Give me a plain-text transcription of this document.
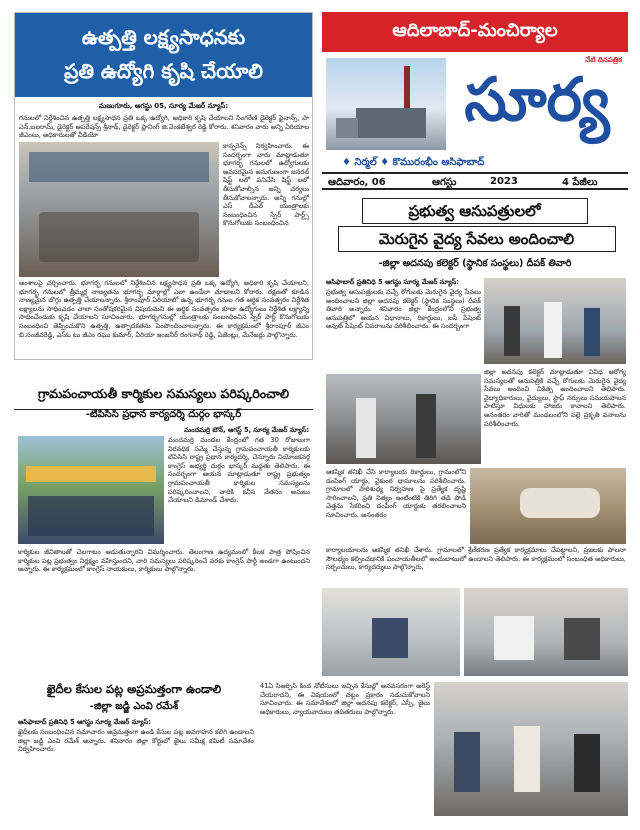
ఉత్పత్తి లక్ష్యసాధనకు
ప్రతి ఉద్యోగి కృషి చేయాలి
మణుగూరు, ఆగస్టు 05, సూర్య మేజర్ న్యూస్:
గనులలో నిర్దేశించిన ఉత్పత్తి లక్ష్యసాధన ప్రతి ఒక్క ఉద్యోగి, అధికారి కృషి చేయాలని సింగరేణి డైరెక్టర్ ఫైనాన్స్, పా ఎన్.బలరామ్, డైరెక్టర్ ఆపరేషన్స్ శ్రీనాథ్, డైరెక్టర్ ప్లానింగ్ జి.వెంకటేశ్వర రెడ్డి కోరారు. శనివారం వారు అన్ని ఏరియాల జీఎంలు, అధికారులతో వీడియో
కాన్ఫరెన్స్ నిర్వహించారు. ఈ సందర్భంగా వారు మాట్లాడుతూ భూగర్భ గనులలో ఉద్యోగులకు అవసరమైన అనుగుణంగా జనరల్ షిఫ్ట్ లలో పనిచేసి షిఫ్ట్ లలో తీసుకోవాల్సిన అన్ని చర్యలు తీసుకోవాలన్నారు. అన్ని గనుల్లో ఎస్ డీఎల్ యంత్రాలకు సంబంధించిన స్పేర్ పార్ట్స్ కొనుగోలుకు సంబంధించిన
అంశాలపై చర్చించారు. భూగర్భ గనులలో నిర్దేశించిన లక్ష్యసాధన ప్రతి ఒక్క ఉద్యోగి, అధికారి కృషి చేయాలని, భూగర్భ గనులలో త్రీమ్మర్ల నాణ్యతను భూగర్భ మార్గాల్లో ఎలా ఉండేలా చూడాలని కోరారు. రక్షణతో కూడిన నాణ్యమైన బొగ్గు ఉత్పత్తి చేయాలన్నారు. శ్రీరాంపూర్ ఏరియాలో ఉన్న భూగర్భ గనుల గత ఆర్థిక సంవత్సరం నిర్దేశిత లక్ష్యాలను సాధించడం చాలా సంతోషకరమైన విషయమని ఈ ఆర్థిక సంవత్సరం కూడా ఉద్యోగులు నిర్దేశిత లక్ష్యాన్ని సాధించేందుకు కృషి చేయాలని సూచించారు. భూగర్భగనుల్లో యంత్రాలకు సంబంధించిన స్పేర్ పార్ట్ కొనుగోలుకు సంబంధించి తెప్పించుకొని ఉత్పత్తి, ఉత్పాదకతను పెంపొందించాలన్నారు. ఈ కార్యక్రమంలో శ్రీరాంపూర్ జీఎం బి.సంజీవరెడ్డి, ఎస్ఓ టు జీఎం రఘు కుమార్, ఏరియా ఇంజనీర్ రంగనాథ్ రెడ్డి, ఏజెంట్లు, మేనేజర్లు పాల్గొన్నారు.
ఆదిలాబాద్-మంచిర్యాల
సూర్య
నేటి దినపత్రిక
♦ నిర్మల్ ♦ కొమురంభీం ఆసిఫాబాద్
ఆదివారం, 06	ఆగస్టు	2023	4 పేజీలు
ప్రభుత్వ ఆసుపత్రులలో
మెరుగైన వైద్య సేవలు అందించాలి
-జిల్లా అదనపు కలెక్టర్ (స్థానిక సంస్థలు) దీపక్ తివారి
ఆసిఫాబాద్ ప్రతినిధి 5 ఆగస్టు సూర్య మేజర్ న్యూస్:
ప్రభుత్వ ఆసుపత్రులకు వచ్చే రోగులకు మెరుగైన వైద్య సేవలు అందించాలని జిల్లా అదనపు కలెక్టర్ (స్థానిక సంస్థలు) దీపక్ తివారి అన్నారు. శనివారం జిల్లా కేంద్రంలోని ప్రభుత్వ ఆసుపత్రిలో ఆయన విధానాలు, రికార్డులు, ఐసీ పేషెంట్ అవుట్ పేషెంట్ వివరాలను పరిశీలించారు. ఈ సందర్భంగా
జిల్లా అదనపు కలెక్టర్ మాట్లాడుతూ వివిధ ఆరోగ్య సమస్యలతో ఆసుపత్రికి వచ్చే రోగులకు మెరుగైన వైద్య సేవలు అందించి చికిత్స అందించాలని తెలిపారు. వైద్యాధికారులు, వైద్యులు, స్టాఫ్ నర్సులు సమయపాలన పాటిస్తూ విధులకు హాజరు కావాలని తెలిపారు. అనంతరం వారితో మండలంలోని పల్లె ప్రకృతి వనాలను పరిశీలించారు.
ఆకస్మిక తనిఖీ చేసి కార్యాలయ రికార్డులు, గ్రామంలోని డంపింగ్ యార్డు, వైకుంఠ ధామాలను పరిశీలించారు. గ్రామాలలో పారిశుధ్య నిర్వహణ పై ప్రత్యేక దృష్టి సారించాలని, ప్రతి నిత్యం ఇంటింటికి తిరిగి తడి పొడి చెత్తను సేకరించి డంపింగ్ యార్డుకు తరలించాలని సూచించారు. అనంతరం
కార్యాలయాలను ఆకస్మిక తనిఖీ చేశారు. గ్రామాలలో శ్రేణీకరణ ప్రత్యేక కార్యక్రమాలు చేపట్టాలని, ప్రజలకు పాలనా సౌలభ్యం కల్పించడానికి పంచాయతీలలో అందుబాటులో ఉండాలని తెలిపారు. ఈ కార్యక్రమంలో సంబంధిత అధికారులు, సర్పంచులు, కార్యదర్శులు పాల్గొన్నారు.
గ్రామపంచాయతీ కార్మికుల సమస్యలు పరిష్కరించాలి
-టిపిసిసి ప్రధాన కార్యదర్శి దుర్గం భాస్కర్
మందమర్రి టౌన్, ఆగస్ట్ 5, సూర్య మేజర్ న్యూస్:
మందమర్రి మండల కేంద్రంలో గత 30 రోజులుగా నిరవధిక సమ్మె చేస్తున్న గ్రామపంచాయతీ కార్మికులకు టిపిసిసి రాష్ట్ర ప్రధాన కార్యదర్శి, చెన్నూరు నియోజకవర్గ కాంగ్రెస్ అభ్యర్థి దుర్గం భాస్కర్ మద్దతు తెలిపారు. ఈ సందర్భంగా ఆయన మాట్లాడుతూ రాష్ట్ర ప్రభుత్వం గ్రామపంచాయతీ కార్మికుల సమస్యలను పరిష్కరించాలని, వారికి కనీస వేతనం అమలు చేయాలని డిమాండ్ చేశారు.
కార్మికుల జీవితాలతో చెలగాటం ఆడుతున్నారని విమర్శించారు. తెలంగాణ ఉద్యమంలో కీలక పాత్ర పోషించిన కార్మికుల పట్ల ప్రభుత్వం నిర్లక్ష్యం వహిస్తుందని, వారి సమస్యలు పరిష్కరించే వరకు కాంగ్రెస్ పార్టీ అండగా ఉంటుందని అన్నారు. ఈ కార్యక్రమంలో కాంగ్రెస్ నాయకులు, కార్మికులు పాల్గొన్నారు.
ఖైదీల కేసుల పట్ల అప్రమత్తంగా ఉండాలి
-జిల్లా జడ్జి ఎంవి రమేశ్
ఆసిఫాబాద్ ప్రతినిధి 5 ఆగస్టు సూర్య మేజర్ న్యూస్:
ఖైదీలకు సంబంధించిన సమాచారం అప్రమత్తంగా ఉండి కేసుల పట్ల అవగాహన కలిగి ఉండాలని జిల్లా జడ్జి ఎంవి రమేశ్ అన్నారు. శనివారం జిల్లా కోర్టులో జైలు సమీక్ష కమిటీ సమావేశం నిర్వహించారు.
41ఏ సిఆర్పిసి కింద నోటీసులు ఇచ్చిన కేసుల్లో అనవసరంగా అరెస్ట్ చేయరాదని, ఈ విషయంలో చట్టం ప్రకారం నడుచుకోవాలని సూచించారు. ఈ సమావేశంలో జిల్లా అదనపు కలెక్టర్, ఎస్పీ, జైలు అధికారులు, న్యాయవాదులు తదితరులు పాల్గొన్నారు.
